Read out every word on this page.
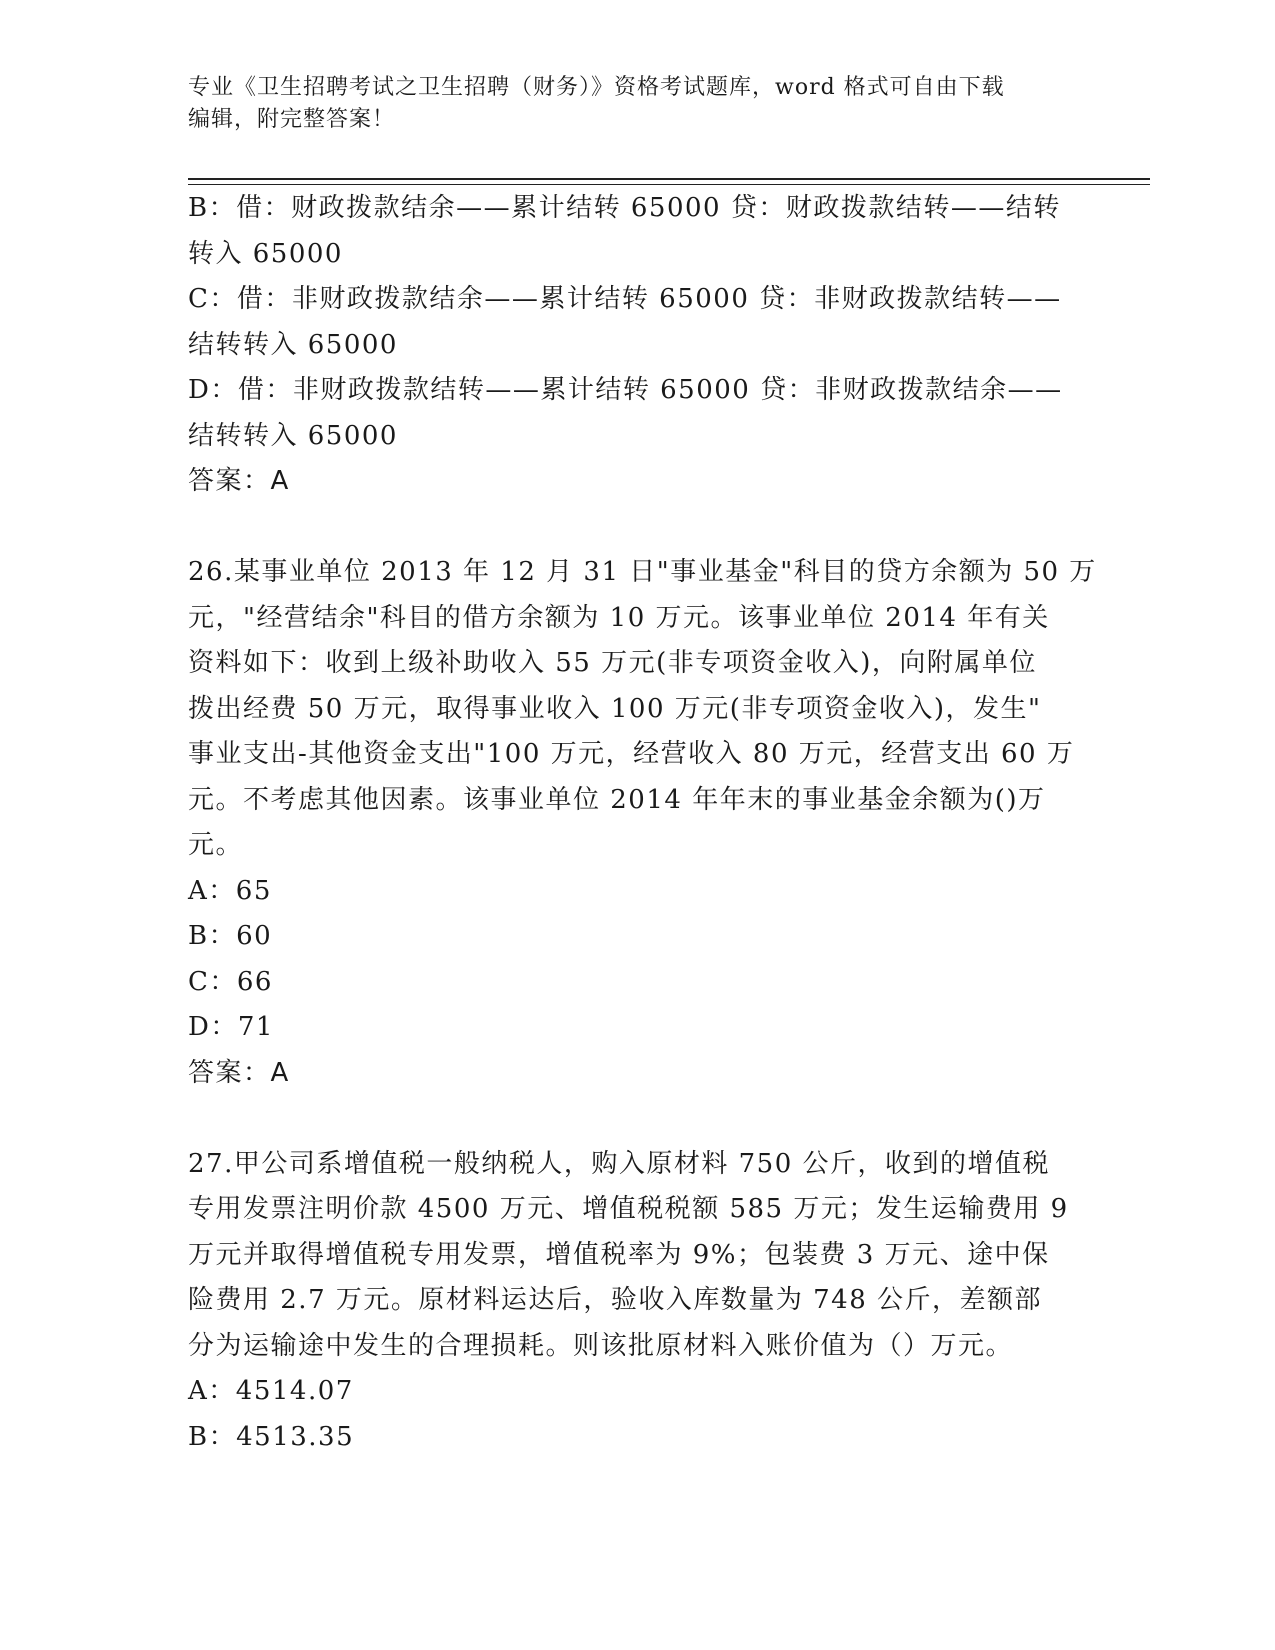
专业《卫生招聘考试之卫生招聘（财务）》资格考试题库，word 格式可自由下载
编辑，附完整答案！
B：借：财政拨款结余——累计结转 65000 贷：财政拨款结转——结转
转入 65000
C：借：非财政拨款结余——累计结转 65000 贷：非财政拨款结转——
结转转入 65000
D：借：非财政拨款结转——累计结转 65000 贷：非财政拨款结余——
结转转入 65000
答案：A
26.某事业单位 2013 年 12 月 31 日"事业基金"科目的贷方余额为 50 万
元，"经营结余"科目的借方余额为 10 万元。该事业单位 2014 年有关
资料如下：收到上级补助收入 55 万元(非专项资金收入)，向附属单位
拨出经费 50 万元，取得事业收入 100 万元(非专项资金收入)，发生"
事业支出-其他资金支出"100 万元，经营收入 80 万元，经营支出 60 万
元。不考虑其他因素。该事业单位 2014 年年末的事业基金余额为()万
元。
A：65
B：60
C：66
D：71
答案：A
27.甲公司系增值税一般纳税人，购入原材料 750 公斤，收到的增值税
专用发票注明价款 4500 万元、增值税税额 585 万元；发生运输费用 9
万元并取得增值税专用发票，增值税率为 9%；包装费 3 万元、途中保
险费用 2.7 万元。原材料运达后，验收入库数量为 748 公斤，差额部
分为运输途中发生的合理损耗。则该批原材料入账价值为（）万元。
A：4514.07
B：4513.35
